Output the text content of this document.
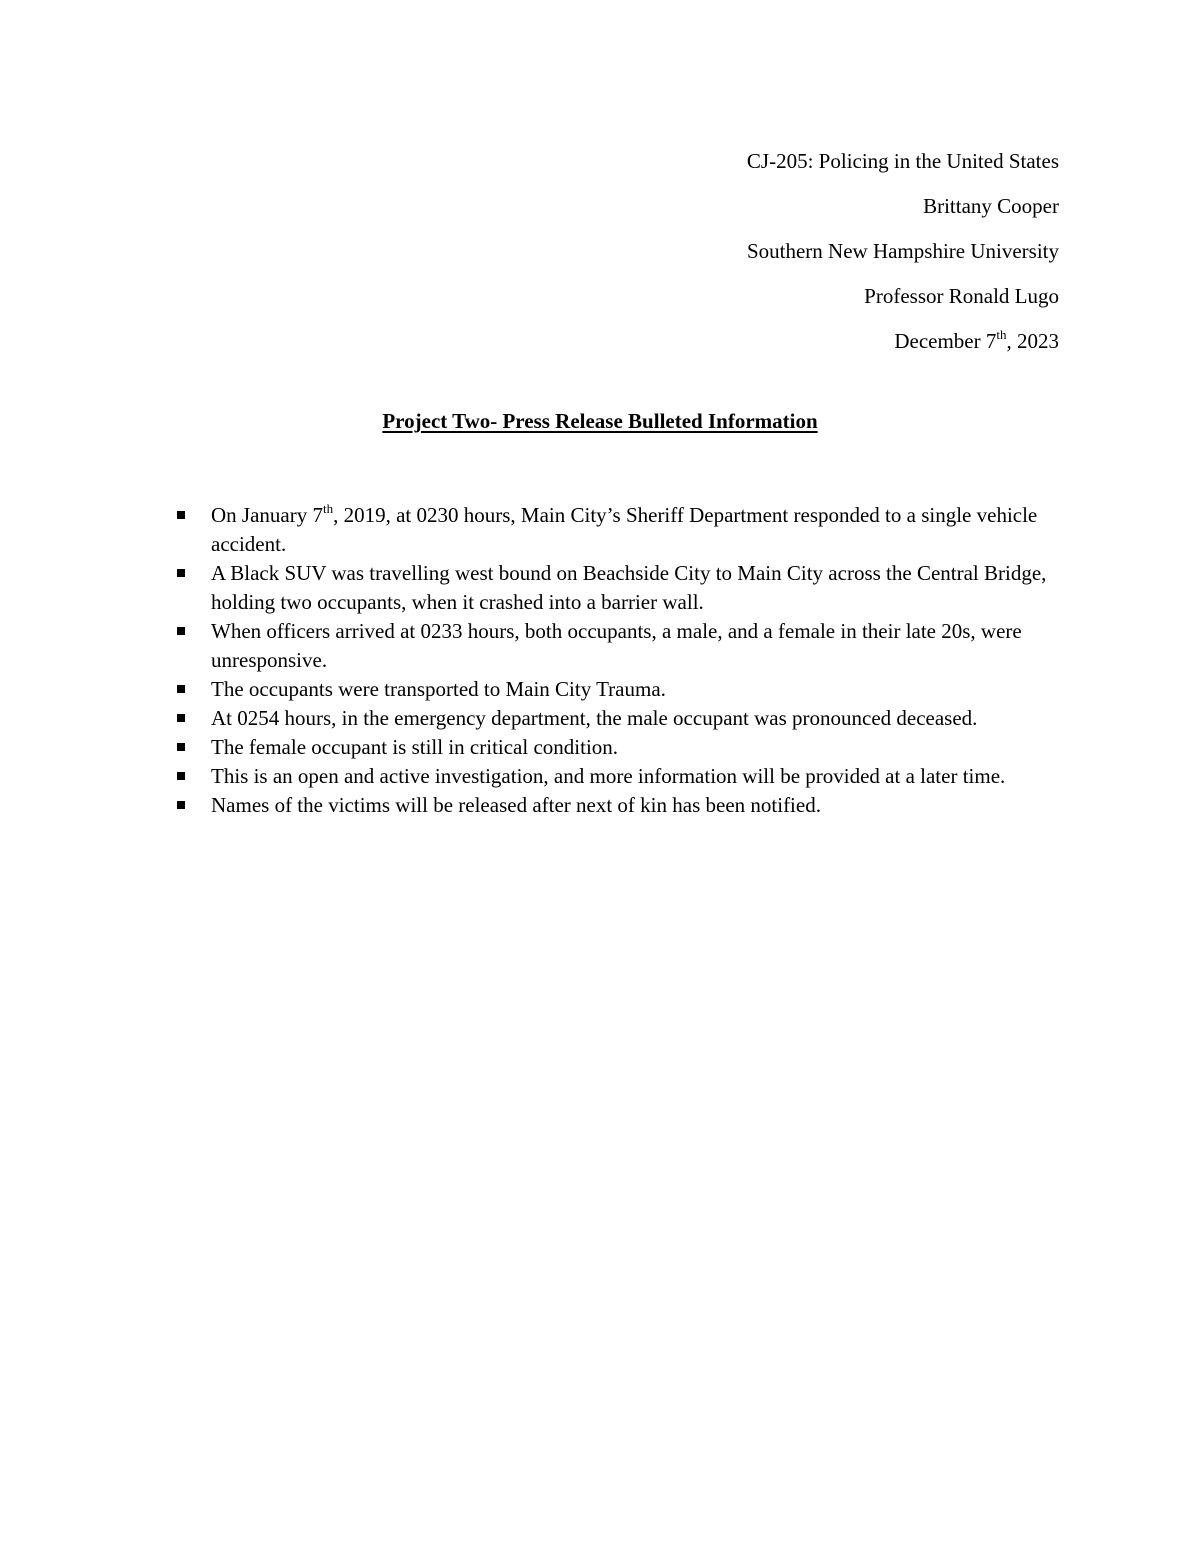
CJ-205: Policing in the United States
Brittany Cooper
Southern New Hampshire University
Professor Ronald Lugo
December 7th, 2023
Project Two- Press Release Bulleted Information
On January 7th, 2019, at 0230 hours, Main City’s Sheriff Department responded to a single vehicle accident.
A Black SUV was travelling west bound on Beachside City to Main City across the Central Bridge, holding two occupants, when it crashed into a barrier wall.
When officers arrived at 0233 hours, both occupants, a male, and a female in their late 20s, were unresponsive.
The occupants were transported to Main City Trauma.
At 0254 hours, in the emergency department, the male occupant was pronounced deceased.
The female occupant is still in critical condition.
This is an open and active investigation, and more information will be provided at a later time.
Names of the victims will be released after next of kin has been notified.
